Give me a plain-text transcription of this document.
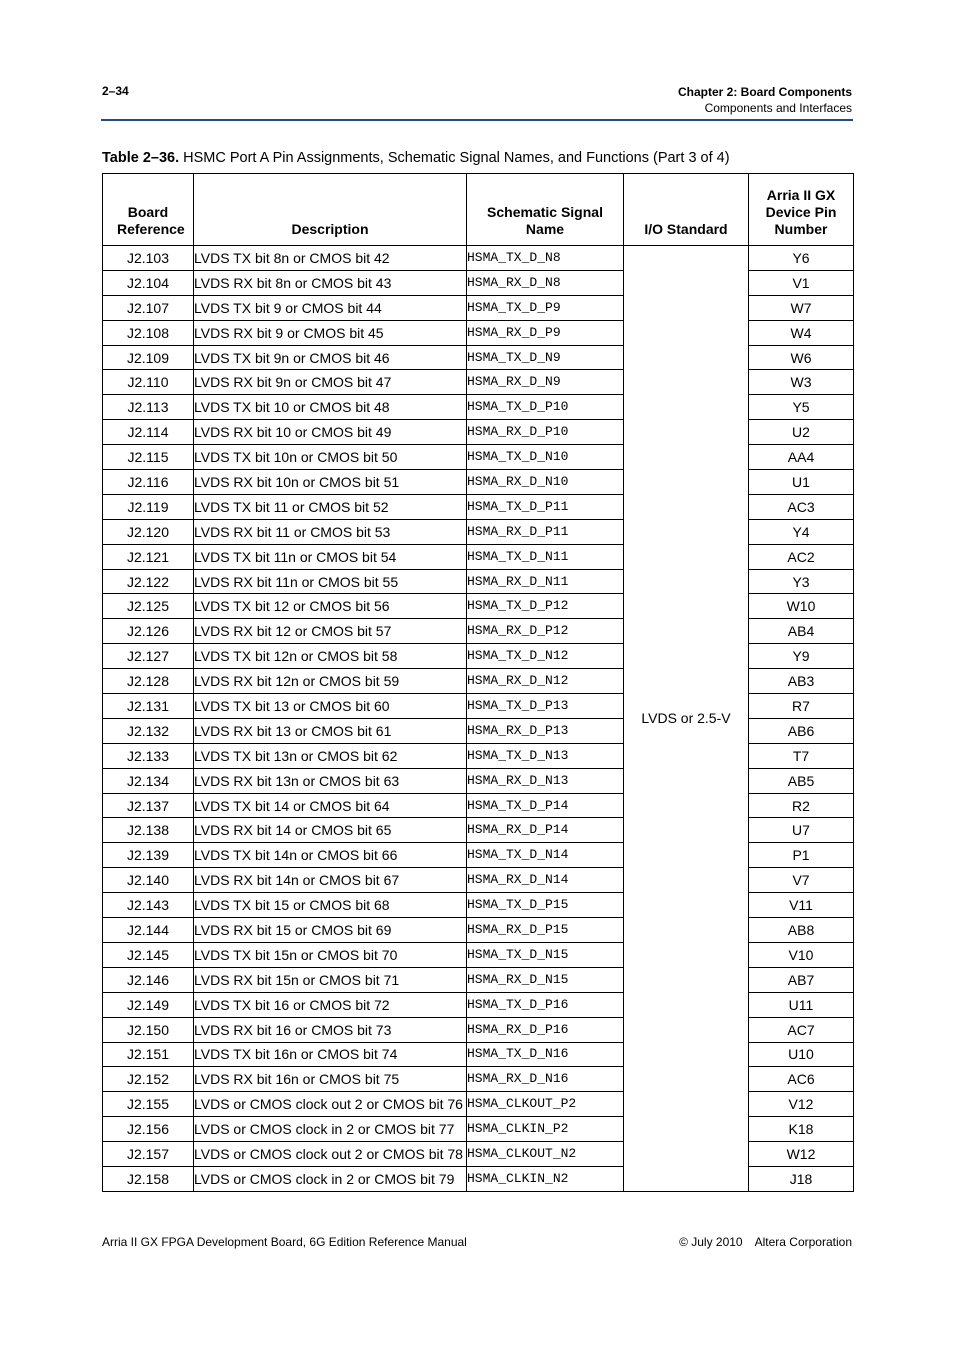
2–34	Chapter 2: Board Components
Components and Interfaces
Table 2–36. HSMC Port A Pin Assignments, Schematic Signal Names, and Functions (Part 3 of 4)
Board Reference	Description	Schematic Signal Name	I/O Standard	Arria II GX Device Pin Number
J2.103	LVDS TX bit 8n or CMOS bit 42	HSMA_TX_D_N8	LVDS or 2.5-V	Y6
J2.104	LVDS RX bit 8n or CMOS bit 43	HSMA_RX_D_N8		V1
J2.107	LVDS TX bit 9 or CMOS bit 44	HSMA_TX_D_P9		W7
J2.108	LVDS RX bit 9 or CMOS bit 45	HSMA_RX_D_P9		W4
J2.109	LVDS TX bit 9n or CMOS bit 46	HSMA_TX_D_N9		W6
J2.110	LVDS RX bit 9n or CMOS bit 47	HSMA_RX_D_N9		W3
J2.113	LVDS TX bit 10 or CMOS bit 48	HSMA_TX_D_P10		Y5
J2.114	LVDS RX bit 10 or CMOS bit 49	HSMA_RX_D_P10		U2
J2.115	LVDS TX bit 10n or CMOS bit 50	HSMA_TX_D_N10		AA4
J2.116	LVDS RX bit 10n or CMOS bit 51	HSMA_RX_D_N10		U1
J2.119	LVDS TX bit 11 or CMOS bit 52	HSMA_TX_D_P11		AC3
J2.120	LVDS RX bit 11 or CMOS bit 53	HSMA_RX_D_P11		Y4
J2.121	LVDS TX bit 11n or CMOS bit 54	HSMA_TX_D_N11		AC2
J2.122	LVDS RX bit 11n or CMOS bit 55	HSMA_RX_D_N11		Y3
J2.125	LVDS TX bit 12 or CMOS bit 56	HSMA_TX_D_P12		W10
J2.126	LVDS RX bit 12 or CMOS bit 57	HSMA_RX_D_P12		AB4
J2.127	LVDS TX bit 12n or CMOS bit 58	HSMA_TX_D_N12		Y9
J2.128	LVDS RX bit 12n or CMOS bit 59	HSMA_RX_D_N12		AB3
J2.131	LVDS TX bit 13 or CMOS bit 60	HSMA_TX_D_P13		R7
J2.132	LVDS RX bit 13 or CMOS bit 61	HSMA_RX_D_P13		AB6
J2.133	LVDS TX bit 13n or CMOS bit 62	HSMA_TX_D_N13		T7
J2.134	LVDS RX bit 13n or CMOS bit 63	HSMA_RX_D_N13		AB5
J2.137	LVDS TX bit 14 or CMOS bit 64	HSMA_TX_D_P14		R2
J2.138	LVDS RX bit 14 or CMOS bit 65	HSMA_RX_D_P14		U7
J2.139	LVDS TX bit 14n or CMOS bit 66	HSMA_TX_D_N14		P1
J2.140	LVDS RX bit 14n or CMOS bit 67	HSMA_RX_D_N14		V7
J2.143	LVDS TX bit 15 or CMOS bit 68	HSMA_TX_D_P15		V11
J2.144	LVDS RX bit 15 or CMOS bit 69	HSMA_RX_D_P15		AB8
J2.145	LVDS TX bit 15n or CMOS bit 70	HSMA_TX_D_N15		V10
J2.146	LVDS RX bit 15n or CMOS bit 71	HSMA_RX_D_N15		AB7
J2.149	LVDS TX bit 16 or CMOS bit 72	HSMA_TX_D_P16		U11
J2.150	LVDS RX bit 16 or CMOS bit 73	HSMA_RX_D_P16		AC7
J2.151	LVDS TX bit 16n or CMOS bit 74	HSMA_TX_D_N16		U10
J2.152	LVDS RX bit 16n or CMOS bit 75	HSMA_RX_D_N16		AC6
J2.155	LVDS or CMOS clock out 2 or CMOS bit 76	HSMA_CLKOUT_P2		V12
J2.156	LVDS or CMOS clock in 2 or CMOS bit 77	HSMA_CLKIN_P2		K18
J2.157	LVDS or CMOS clock out 2 or CMOS bit 78	HSMA_CLKOUT_N2		W12
J2.158	LVDS or CMOS clock in 2 or CMOS bit 79	HSMA_CLKIN_N2		J18
Arria II GX FPGA Development Board, 6G Edition Reference Manual	© July 2010 Altera Corporation
